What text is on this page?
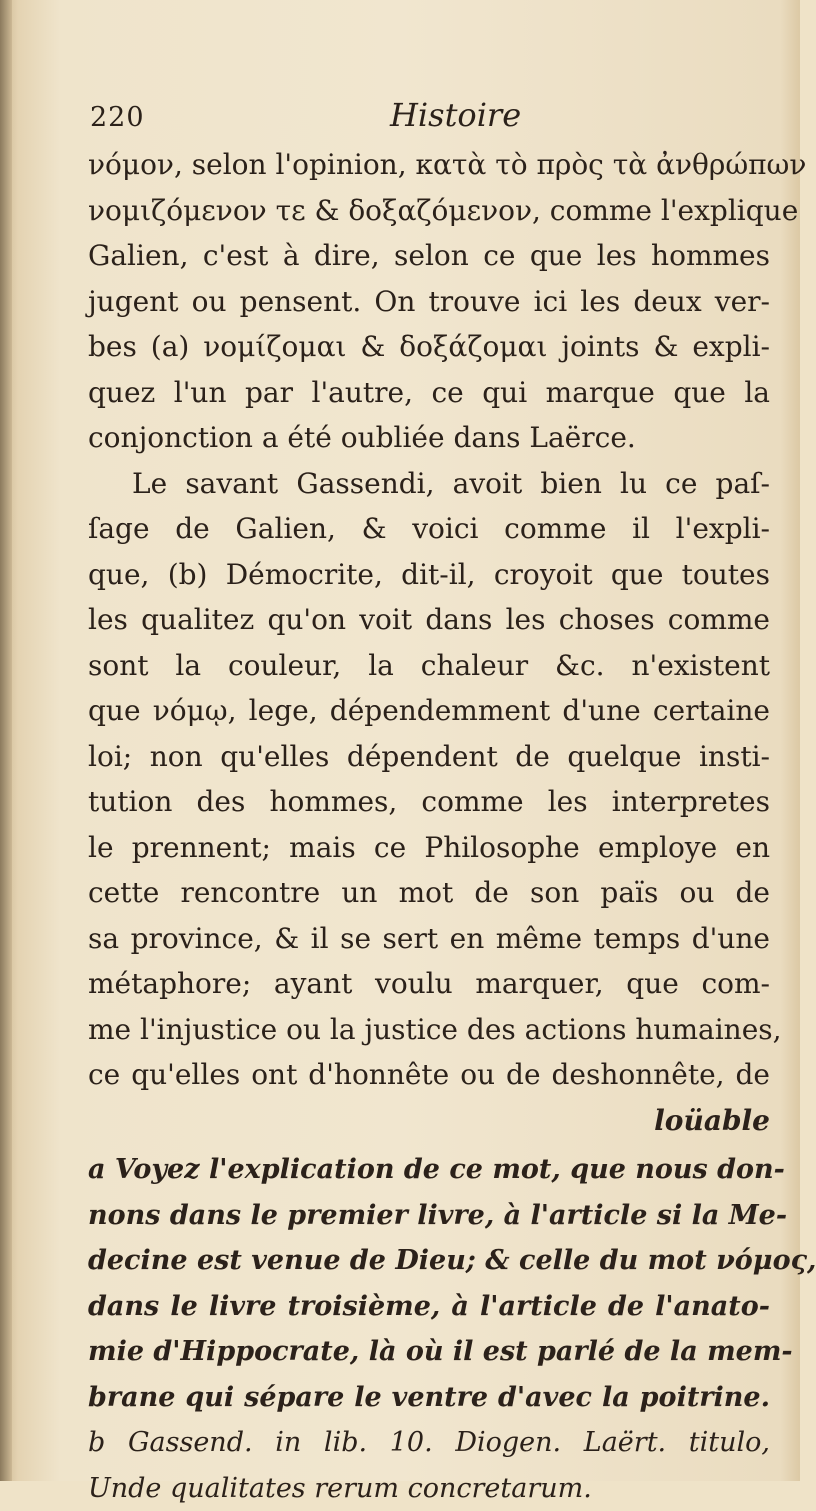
220	Histoire
νόμον, selon l'opinion, κατὰ τὸ πρὸς τὰ ἀνθρώπων
νομιζόμενον τε & δοξαζόμενον, comme l'explique
Galien, c'est à dire, selon ce que les hommes
jugent ou pensent. On trouve ici les deux ver-
bes (a) νομίζομαι & δοξάζομαι joints & expli-
quez l'un par l'autre, ce qui marque que la
conjonction a été oubliée dans Laërce.
Le savant Gassendi, avoit bien lu ce paſ-
ſage de Galien, & voici comme il l'expli-
que, (b) Démocrite, dit-il, croyoit que toutes
les qualitez qu'on voit dans les choses comme
sont la couleur, la chaleur &c. n'existent
que νόμῳ, lege, dépendemment d'une certaine
loi; non qu'elles dépendent de quelque insti-
tution des hommes, comme les interpretes
le prennent; mais ce Philosophe employe en
cette rencontre un mot de son païs ou de
sa province, & il se sert en même temps d'une
métaphore; ayant voulu marquer, que com-
me l'injustice ou la justice des actions humaines,
ce qu'elles ont d'honnête ou de deshonnête, de
loüable
a Voyez l'explication de ce mot, que nous don-
nons dans le premier livre, à l'article si la Me-
decine est venue de Dieu; & celle du mot νόμος,
dans le livre troisième, à l'article de l'anato-
mie d'Hippocrate, là où il est parlé de la mem-
brane qui sépare le ventre d'avec la poitrine.
b Gassend. in lib. 10. Diogen. Laërt. titulo,
Unde qualitates rerum concretarum.
